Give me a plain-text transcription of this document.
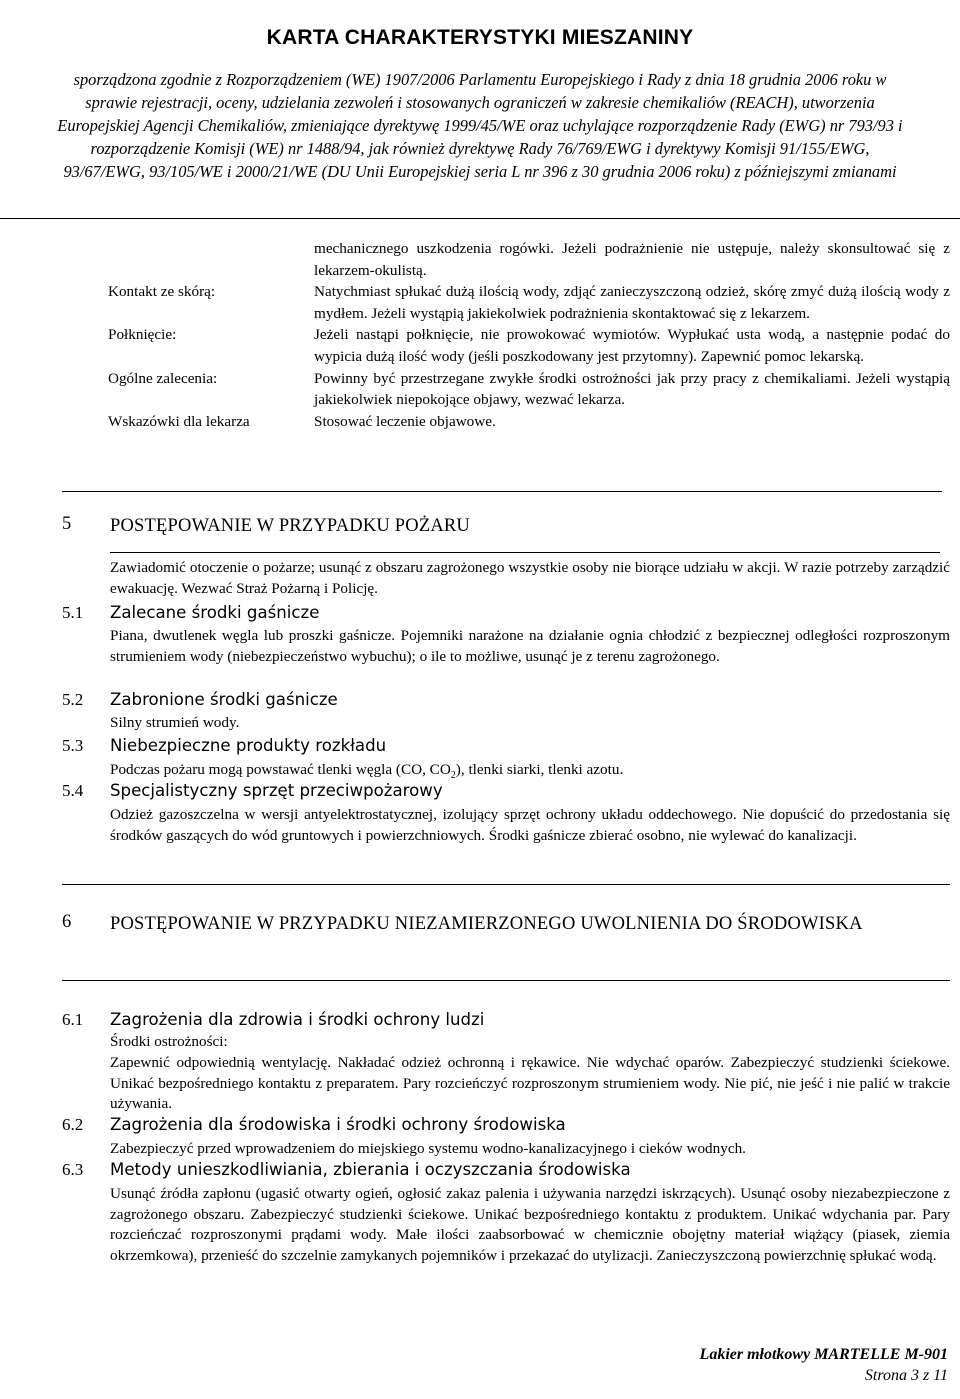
KARTA CHARAKTERYSTYKI MIESZANINY
sporządzona zgodnie z Rozporządzeniem (WE) 1907/2006 Parlamentu Europejskiego i Rady z dnia 18 grudnia 2006 roku w sprawie rejestracji, oceny, udzielania zezwoleń i stosowanych ograniczeń w zakresie chemikaliów (REACH), utworzenia Europejskiej Agencji Chemikaliów, zmieniające dyrektywę 1999/45/WE oraz uchylające rozporządzenie Rady (EWG) nr 793/93 i rozporządzenie Komisji (WE) nr 1488/94, jak również dyrektywę Rady 76/769/EWG i dyrektywy Komisji 91/155/EWG, 93/67/EWG, 93/105/WE i 2000/21/WE (DU Unii Europejskiej seria L nr 396 z 30 grudnia 2006 roku) z późniejszymi zmianami
mechanicznego uszkodzenia rogówki. Jeżeli podrażnienie nie ustępuje, należy skonsultować się z lekarzem-okulistą.
Kontakt ze skórą:	Natychmiast spłukać dużą ilością wody, zdjąć zanieczyszczoną odzież, skórę zmyć dużą ilością wody z mydłem. Jeżeli wystąpią jakiekolwiek podrażnienia skontaktować się z lekarzem.
Połknięcie:	Jeżeli nastąpi połknięcie, nie prowokować wymiotów. Wypłukać usta wodą, a następnie podać do wypicia dużą ilość wody (jeśli poszkodowany jest przytomny). Zapewnić pomoc lekarską.
Ogólne zalecenia:	Powinny być przestrzegane zwykłe środki ostrożności jak przy pracy z chemikaliami. Jeżeli wystąpią jakiekolwiek niepokojące objawy, wezwać lekarza.
Wskazówki dla lekarza	Stosować leczenie objawowe.
5 POSTĘPOWANIE W PRZYPADKU POŻARU
Zawiadomić otoczenie o pożarze; usunąć z obszaru zagrożonego wszystkie osoby nie biorące udziału w akcji. W razie potrzeby zarządzić ewakuację. Wezwać Straż Pożarną i Policję.
5.1 Zalecane środki gaśnicze
Piana, dwutlenek węgla lub proszki gaśnicze. Pojemniki narażone na działanie ognia chłodzić z bezpiecznej odległości rozproszonym strumieniem wody (niebezpieczeństwo wybuchu); o ile to możliwe, usunąć je z terenu zagrożonego.
5.2 Zabronione środki gaśnicze
Silny strumień wody.
5.3 Niebezpieczne produkty rozkładu
Podczas pożaru mogą powstawać tlenki węgla (CO, $CO_2$), tlenki siarki, tlenki azotu.
5.4 Specjalistyczny sprzęt przeciwpożarowy
Odzież gazoszczelna w wersji antyelektrostatycznej, izolujący sprzęt ochrony układu oddechowego. Nie dopuścić do przedostania się środków gaszących do wód gruntowych i powierzchniowych. Środki gaśnicze zbierać osobno, nie wylewać do kanalizacji.
6 POSTĘPOWANIE W PRZYPADKU NIEZAMIERZONEGO UWOLNIENIA DO ŚRODOWISKA
6.1 Zagrożenia dla zdrowia i środki ochrony ludzi
Środki ostrożności:
Zapewnić odpowiednią wentylację. Nakładać odzież ochronną i rękawice. Nie wdychać oparów. Zabezpieczyć studzienki ściekowe. Unikać bezpośredniego kontaktu z preparatem. Pary rozcieńczyć rozproszonym strumieniem wody. Nie pić, nie jeść i nie palić w trakcie używania.
6.2 Zagrożenia dla środowiska i środki ochrony środowiska
Zabezpieczyć przed wprowadzeniem do miejskiego systemu wodno-kanalizacyjnego i cieków wodnych.
6.3 Metody unieszkodliwiania, zbierania i oczyszczania środowiska
Usunąć źródła zapłonu (ugasić otwarty ogień, ogłosić zakaz palenia i używania narzędzi iskrzących). Usunąć osoby niezabezpieczone z zagrożonego obszaru. Zabezpieczyć studzienki ściekowe. Unikać bezpośredniego kontaktu z produktem. Unikać wdychania par. Pary rozcieńczać rozproszonymi prądami wody. Małe ilości zaabsorbować w chemicznie obojętny materiał wiążący (piasek, ziemia okrzemkowa), przenieść do szczelnie zamykanych pojemników i przekazać do utylizacji. Zanieczyszczoną powierzchnię spłukać wodą.
Lakier młotkowy MARTELLE M-901
Strona 3 z 11
